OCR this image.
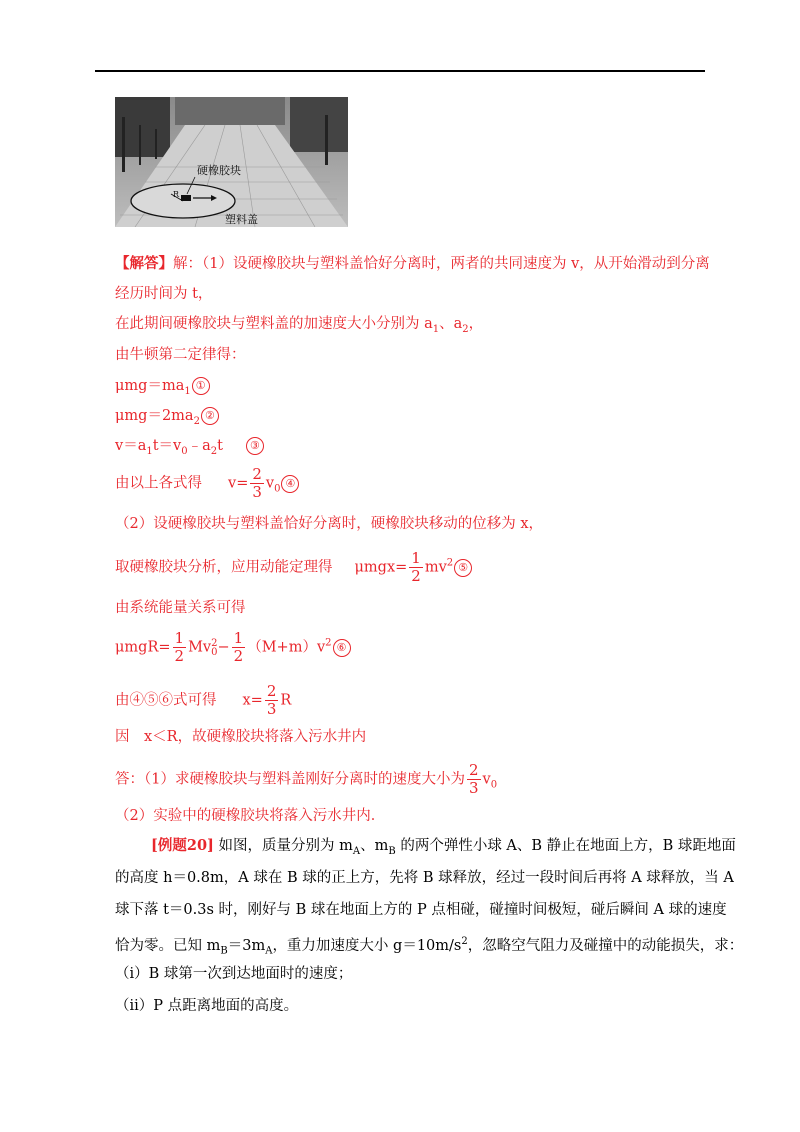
硬橡胶块
R
塑料盖
【解答】解：（1）设硬橡胶块与塑料盖恰好分离时，两者的共同速度为 v，从开始滑动到分离
经历时间为 t，
在此期间硬橡胶块与塑料盖的加速度大小分别为 $a_1$、$a_2$，
由牛顿第二定律得：
$\mu mg=ma_1$ ①
$\mu mg=2ma_2$ ②
$v=a_1t=v_0﹣a_2t$ ③
由以上各式得 $v= \frac{2}{3} v_0$ ④
（2）设硬橡胶块与塑料盖恰好分离时，硬橡胶块移动的位移为 x，
取硬橡胶块分析，应用动能定理得 $\mu mgx= \frac{1}{2} mv^2$ ⑤
由系统能量关系可得
$\mu mgR= \frac{1}{2}$ Mv 2
$0 - \frac{1}{2} (M+m)v^2$ ⑥
由④⑤⑥式可得 $x= \frac{2}{3}$ R
因　x＜R，故硬橡胶块将落入污水井内
答：（1）求硬橡胶块与塑料盖刚好分离时的速度大小为 $\frac{2}{3} v_0$
（2）实验中的硬橡胶块将落入污水井内．
[例题20] 如图，质量分别为 $m_A$、$m_B$ 的两个弹性小球 A、B 静止在地面上方，B 球距地面
的高度 h＝0.8m，A 球在 B 球的正上方，先将 B 球释放，经过一段时间后再将 A 球释放，当 A
球下落 t＝0.3s 时，刚好与 B 球在地面上方的 P 点相碰，碰撞时间极短，碰后瞬间 A 球的速度
恰为零。已知 $m_B=3m_A$，重力加速度大小 $g=10m/s^2$，忽略空气阻力及碰撞中的动能损失，求：
（i）B 球第一次到达地面时的速度；
（ii）P 点距离地面的高度。
